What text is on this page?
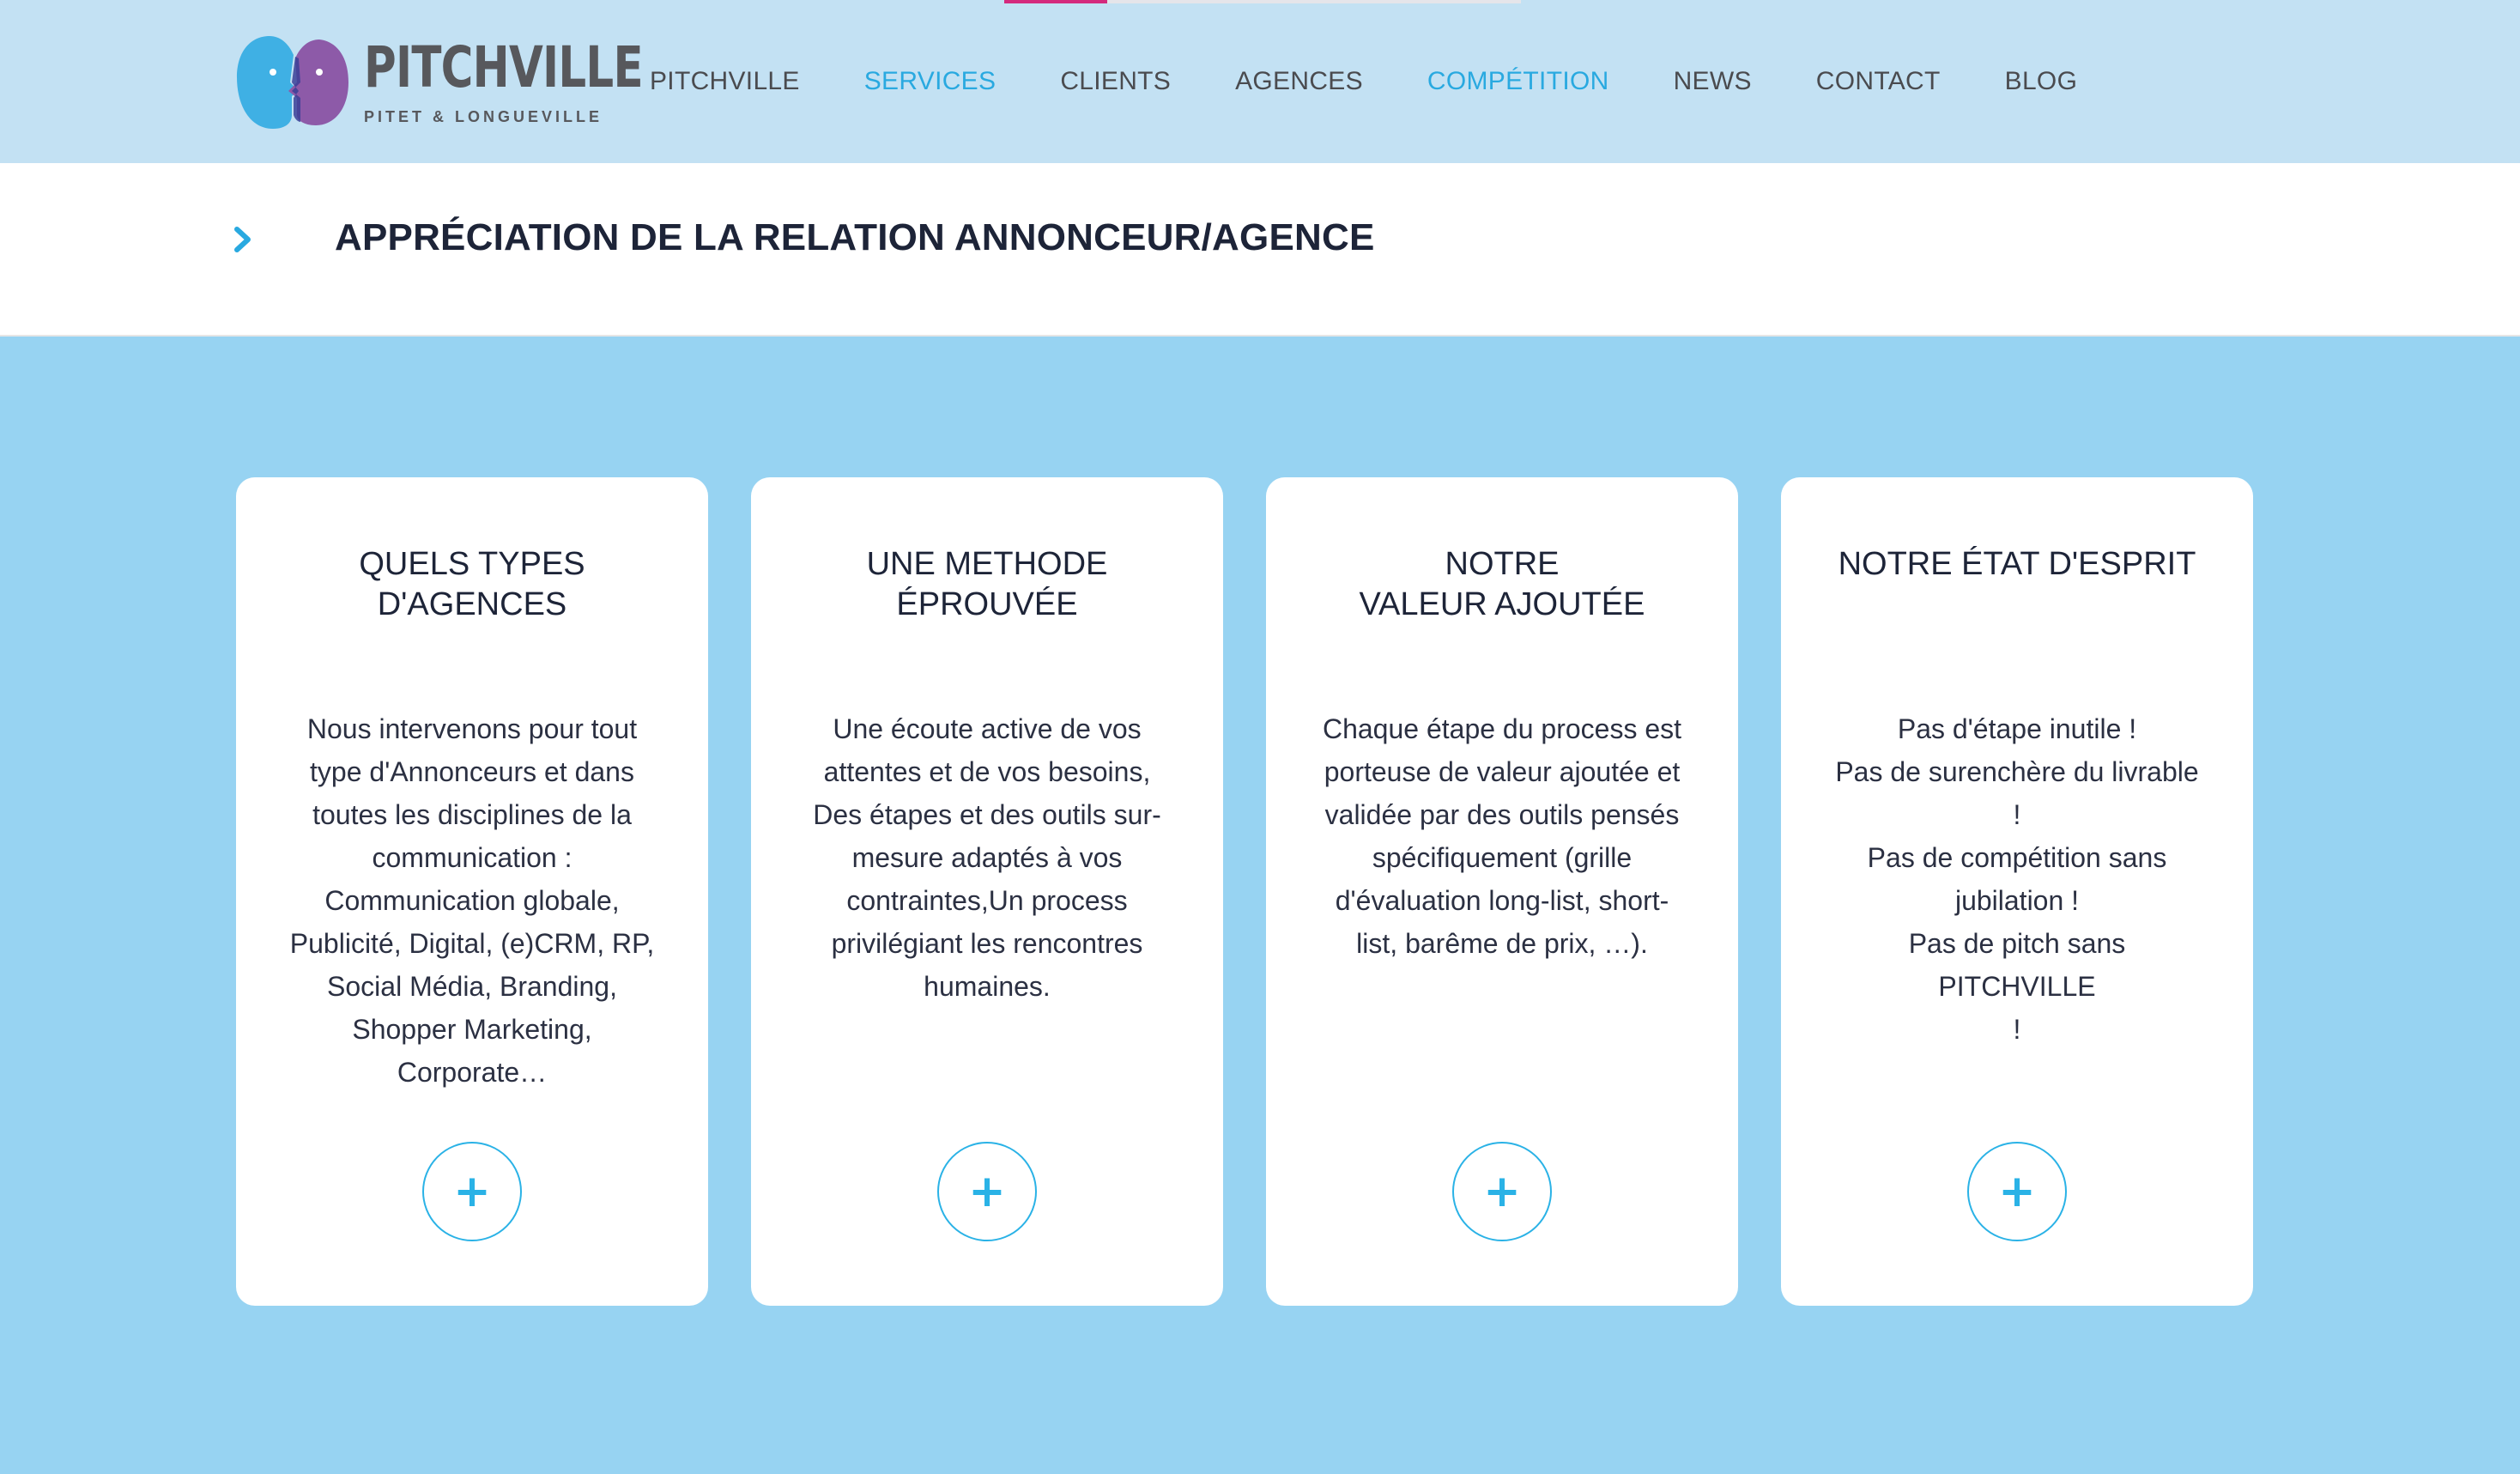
PITCHVILLE
PITET & LONGUEVILLE
PITCHVILLE	SERVICES	CLIENTS	AGENCES	COMPÉTITION	NEWS	CONTACT	BLOG
APPRÉCIATION DE LA RELATION ANNONCEUR/AGENCE
QUELS TYPES
D'AGENCES
Nous intervenons pour tout
type d'Annonceurs et dans
toutes les disciplines de la
communication :
Communication globale,
Publicité, Digital, (e)CRM, RP,
Social Média, Branding,
Shopper Marketing,
Corporate…
+
UNE METHODE
ÉPROUVÉE
Une écoute active de vos
attentes et de vos besoins,
Des étapes et des outils sur-
mesure adaptés à vos
contraintes,Un process
privilégiant les rencontres
humaines.
+
NOTRE
VALEUR AJOUTÉE
Chaque étape du process est
porteuse de valeur ajoutée et
validée par des outils pensés
spécifiquement (grille
d'évaluation long-list, short-
list, barême de prix, …).
+
NOTRE ÉTAT D'ESPRIT
Pas d'étape inutile !
Pas de surenchère du livrable
!
Pas de compétition sans
jubilation !
Pas de pitch sans PITCHVILLE
!
+
